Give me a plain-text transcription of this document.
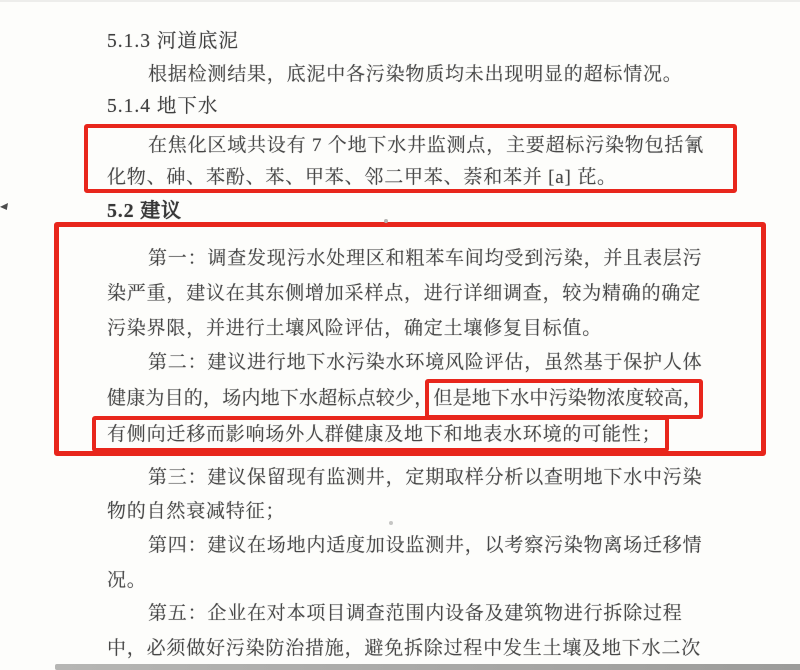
5.1.3 河道底泥
根据检测结果，底泥中各污染物质均未出现明显的超标情况。
5.1.4 地下水
在焦化区域共设有 7 个地下水井监测点，主要超标污染物包括氰
化物、砷、苯酚、苯、甲苯、邻二甲苯、萘和苯并 [a] 芘。
5.2 建议
第一：调查发现污水处理区和粗苯车间均受到污染，并且表层污
染严重，建议在其东侧增加采样点，进行详细调查，较为精确的确定
污染界限，并进行土壤风险评估，确定土壤修复目标值。
第二：建议进行地下水污染水环境风险评估，虽然基于保护人体
健康为目的，场内地下水超标点较少，但是地下水中污染物浓度较高，
有侧向迁移而影响场外人群健康及地下和地表水环境的可能性；
第三：建议保留现有监测井，定期取样分析以查明地下水中污染
物的自然衰减特征；
第四：建议在场地内适度加设监测井，以考察污染物离场迁移情
况。
第五：企业在对本项目调查范围内设备及建筑物进行拆除过程
中，必须做好污染防治措施，避免拆除过程中发生土壤及地下水二次
